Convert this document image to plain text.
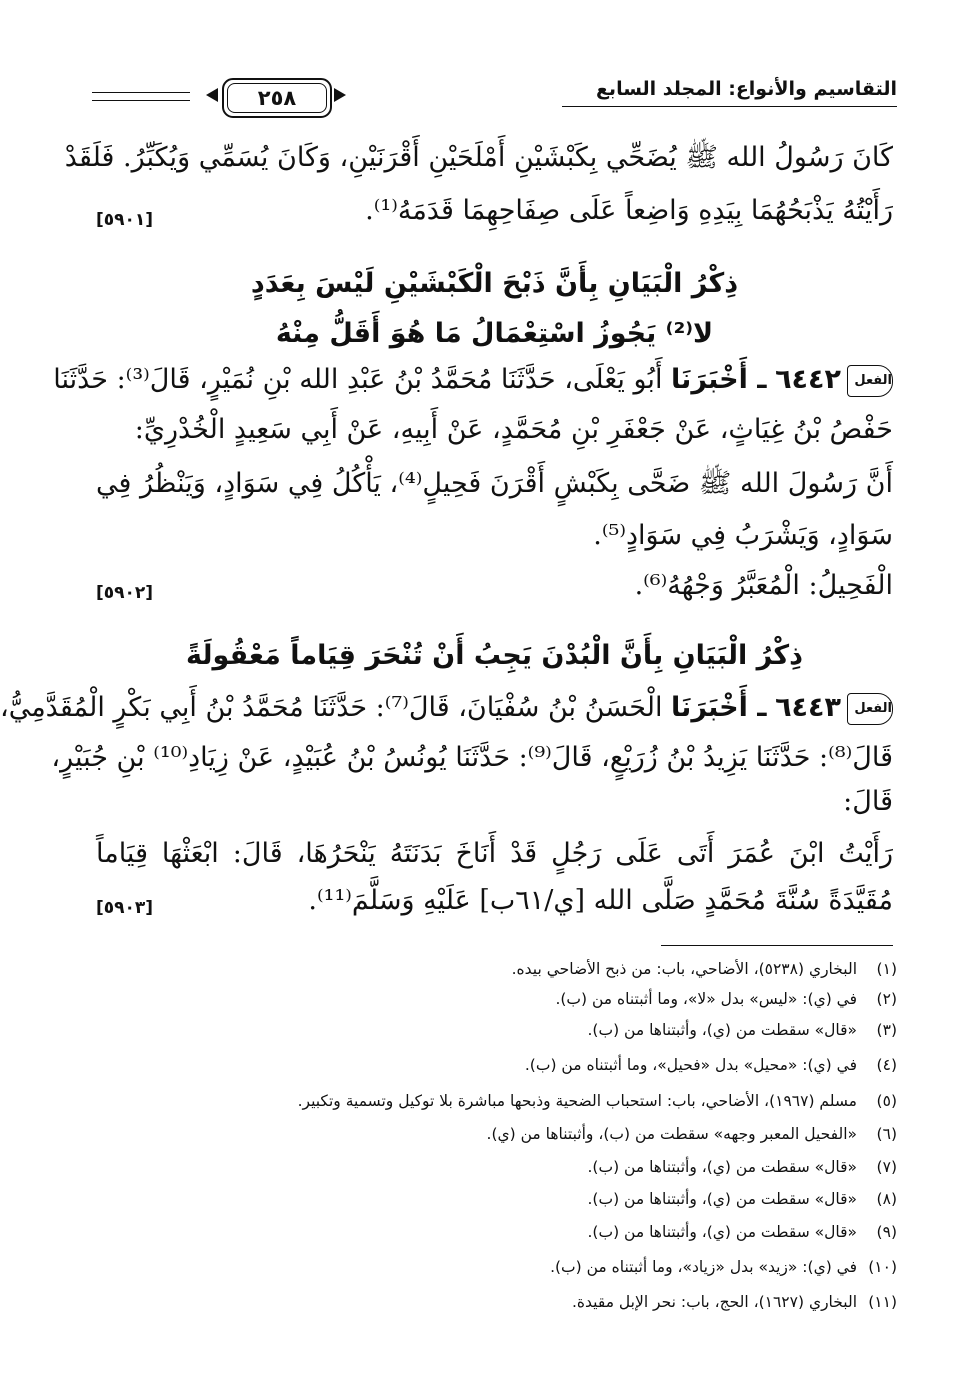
التقاسيم والأنواع: المجلد السابع
٢٥٨
كَانَ رَسُولُ الله ﷺ يُضَحِّي بِكَبْشَيْنِ أَمْلَحَيْنِ أَقْرَنَيْنِ، وَكَانَ يُسَمِّي وَيُكَبِّرُ. فَلَقَدْ
رَأَيْتُهُ يَذْبَحُهُمَا بِيَدِهِ وَاضِعاً عَلَى صِفَاحِهِمَا قَدَمَهُ⁽¹⁾.
[٥٩٠١]
ذِكْرُ الْبَيَانِ بِأَنَّ ذَبْحَ الْكَبْشَيْنِ لَيْسَ بِعَدَدٍ
لا⁽²⁾ يَجُوزُ اسْتِعْمَالُ مَا هُوَ أَقَلُّ مِنْهُ
الفعل٦٤٤٢ ـ أَخْبَرَنَا أَبُو يَعْلَى، حَدَّثَنَا مُحَمَّدُ بْنُ عَبْدِ الله بْنِ نُمَيْرٍ، قَالَ⁽³⁾: حَدَّثَنَا
حَفْصُ بْنُ غِيَاثٍ، عَنْ جَعْفَرِ بْنِ مُحَمَّدٍ، عَنْ أَبِيهِ، عَنْ أَبِي سَعِيدٍ الْخُدْرِيِّ:
أَنَّ رَسُولَ الله ﷺ ضَحَّى بِكَبْشٍ أَقْرَنَ فَحِيلٍ⁽⁴⁾، يَأْكُلُ فِي سَوَادٍ، وَيَنْظُرُ فِي
سَوَادٍ، وَيَشْرَبُ فِي سَوَادٍ⁽⁵⁾.
الْفَحِيلُ: الْمُعَبَّرُ وَجْهُهُ⁽⁶⁾.
[٥٩٠٢]
ذِكْرُ الْبَيَانِ بِأَنَّ الْبُدْنَ يَجِبُ أَنْ تُنْحَرَ قِيَاماً مَعْقُولَةً
الفعل٦٤٤٣ ـ أَخْبَرَنَا الْحَسَنُ بْنُ سُفْيَانَ، قَالَ⁽⁷⁾: حَدَّثَنَا مُحَمَّدُ بْنُ أَبِي بَكْرٍ الْمُقَدَّمِيُّ،
قَالَ⁽⁸⁾: حَدَّثَنَا يَزِيدُ بْنُ زُرَيْعٍ، قَالَ⁽⁹⁾: حَدَّثَنَا يُونُسُ بْنُ عُبَيْدٍ، عَنْ زِيَادِ⁽¹⁰⁾ بْنِ جُبَيْرٍ،
قَالَ:
رَأَيْتُ ابْنَ عُمَرَ أَتَى عَلَى رَجُلٍ قَدْ أَنَاخَ بَدَنَتَهُ يَنْحَرُهَا، قَالَ: ابْعَثْهَا قِيَاماً
مُقَيَّدَةً سُنَّةَ مُحَمَّدٍ صَلَّى الله [ي/٦١ب] عَلَيْهِ وَسَلَّمَ⁽¹¹⁾.
[٥٩٠٣]
(١)البخاري (٥٢٣٨)، الأضاحي، باب: من ذبح الأضاحي بيده.
(٢)في (ي): «ليس» بدل «لا»، وما أثبتناه من (ب).
(٣)«قال» سقطت من (ي)، وأثبتناها من (ب).
(٤)في (ي): «محيل» بدل «فحيل»، وما أثبتناه من (ب).
(٥)مسلم (١٩٦٧)، الأضاحي، باب: استحباب الضحية وذبحها مباشرة بلا توكيل وتسمية وتكبير.
(٦)«الفحيل المعبر وجهه» سقطت من (ب)، وأثبتناها من (ي).
(٧)«قال» سقطت من (ي)، وأثبتناها من (ب).
(٨)«قال» سقطت من (ي)، وأثبتناها من (ب).
(٩)«قال» سقطت من (ي)، وأثبتناها من (ب).
(١٠)في (ي): «زيد» بدل «زياد»، وما أثبتناه من (ب).
(١١)البخاري (١٦٢٧)، الحج، باب: نحر الإبل مقيدة.
